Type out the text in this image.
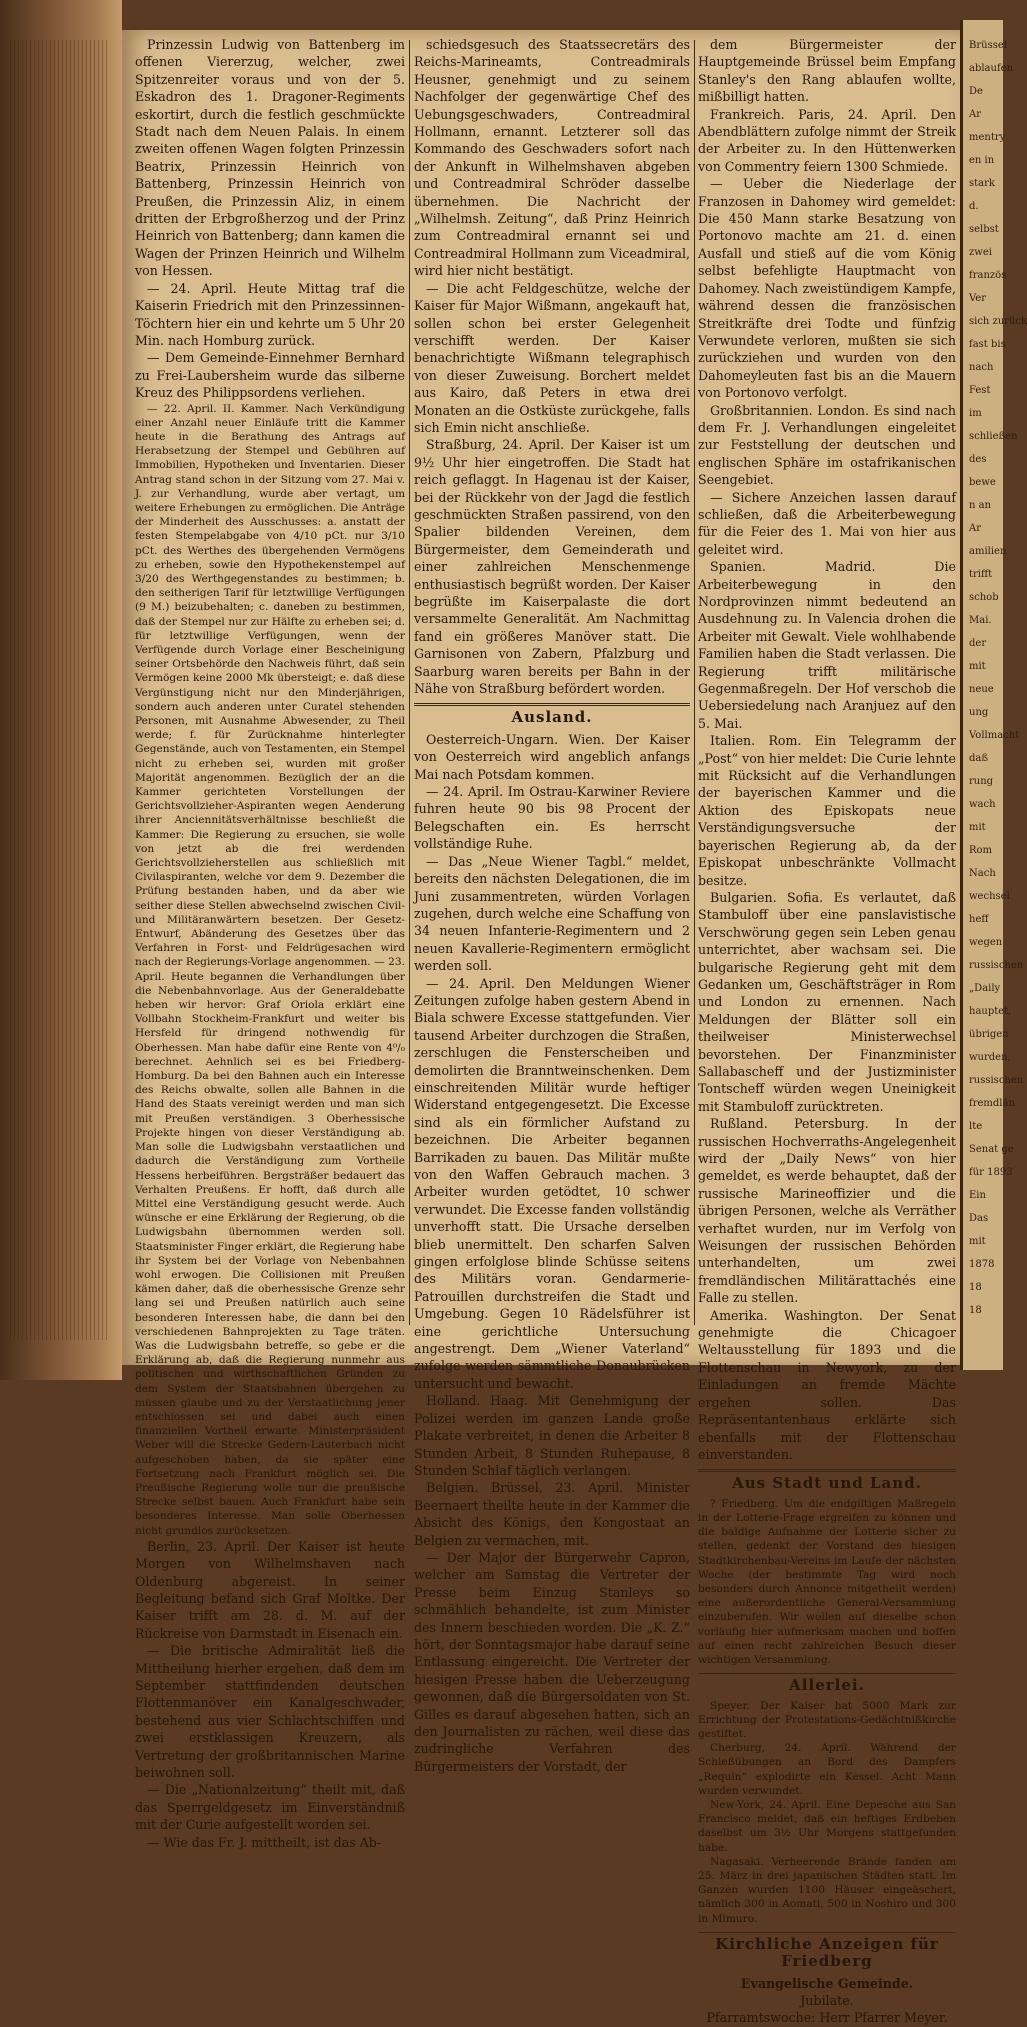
Brüssel
ablaufen
De
Ar
mentry
en in
stark
d.
selbst
zwei
französ
Ver
sich zurück
fast bis
nach
Fest
im
schließen
des
bewe
n an
Ar
amilien
trifft
schob
Mai.
der
mit
neue
ung
Vollmacht
daß
rung
wach
mit
Rom
Nach
wechsel
heff
wegen
russischen
„Daily
hauptet,
übrigen
wurden,
russischen
fremdlän
lte
Senat ge
für 1893
Ein
Das
mit
1878
18
18

Prinzessin Ludwig von Battenberg im offenen Viererzug, welcher, zwei Spitzenreiter voraus und von der 5. Eskadron des 1. Dragoner-Regiments eskortirt, durch die festlich geschmückte Stadt nach dem Neuen Palais. In einem zweiten offenen Wagen folgten Prinzessin Beatrix, Prinzessin Heinrich von Battenberg, Prinzessin Heinrich von Preußen, die Prinzessin Aliz, in einem dritten der Erbgroßherzog und der Prinz Heinrich von Battenberg; dann kamen die Wagen der Prinzen Heinrich und Wilhelm von Hessen.

— 24. April. Heute Mittag traf die Kaiserin Friedrich mit den Prinzessinnen-Töchtern hier ein und kehrte um 5 Uhr 20 Min. nach Homburg zurück.

— Dem Gemeinde-Einnehmer Bernhard zu Frei-Laubersheim wurde das silberne Kreuz des Philippsordens verliehen.

— 22. April. II. Kammer. Nach Verkündigung einer Anzahl neuer Einläufe tritt die Kammer heute in die Berathung des Antrags auf Herabsetzung der Stempel und Gebühren auf Immobilien, Hypotheken und Inventarien. Dieser Antrag stand schon in der Sitzung vom 27. Mai v. J. zur Verhandlung, wurde aber vertagt, um weitere Erhebungen zu ermöglichen. Die Anträge der Minderheit des Ausschusses: a. anstatt der festen Stempelabgabe von 4/10 pCt. nur 3/10 pCt. des Werthes des übergehenden Vermögens zu erheben, sowie den Hypothekenstempel auf 3/20 des Werthgegenstandes zu bestimmen; b. den seitherigen Tarif für letztwillige Verfügungen (9 M.) beizubehalten; c. daneben zu bestimmen, daß der Stempel nur zur Hälfte zu erheben sei; d. für letztwillige Verfügungen, wenn der Verfügende durch Vorlage einer Bescheinigung seiner Ortsbehörde den Nachweis führt, daß sein Vermögen keine 2000 Mk übersteigt; e. daß diese Vergünstigung nicht nur den Minderjährigen, sondern auch anderen unter Curatel stehenden Personen, mit Ausnahme Abwesender, zu Theil werde; f. für Zurücknahme hinterlegter Gegenstände, auch von Testamenten, ein Stempel nicht zu erheben sei, wurden mit großer Majorität angenommen. Bezüglich der an die Kammer gerichteten Vorstellungen der Gerichtsvollzieher-Aspiranten wegen Aenderung ihrer Anciennitätsverhältnisse beschließt die Kammer: Die Regierung zu ersuchen, sie wolle von jetzt ab die frei werdenden Gerichtsvollzieherstellen aus schließlich mit Civilaspiranten, welche vor dem 9. Dezember die Prüfung bestanden haben, und da aber wie seither diese Stellen abwechselnd zwischen Civil- und Militäranwärtern besetzen. Der Gesetz-Entwurf, Abänderung des Gesetzes über das Verfahren in Forst- und Feldrügesachen wird nach der Regierungs-Vorlage angenommen. — 23. April. Heute begannen die Verhandlungen über die Nebenbahnvorlage. Aus der Generaldebatte heben wir hervor: Graf Oriola erklärt eine Vollbahn Stockheim-Frankfurt und weiter bis Hersfeld für dringend nothwendig für Oberhessen. Man habe dafür eine Rente von 4⁰/₀ berechnet. Aehnlich sei es bei Friedberg-Homburg. Da bei den Bahnen auch ein Interesse des Reichs obwalte, sollen alle Bahnen in die Hand des Staats vereinigt werden und man sich mit Preußen verständigen. 3 Oberhessische Projekte hingen von dieser Verständigung ab. Man solle die Ludwigsbahn verstaatlichen und dadurch die Verständigung zum Vortheile Hessens herbeiführen. Bergsträßer bedauert das Verhalten Preußens. Er hofft, daß durch alle Mittel eine Verständigung gesucht werde. Auch wünsche er eine Erklärung der Regierung, ob die Ludwigsbahn übernommen werden soll. Staatsminister Finger erklärt, die Regierung habe ihr System bei der Vorlage von Nebenbahnen wohl erwogen. Die Collisionen mit Preußen kämen daher, daß die oberhessische Grenze sehr lang sei und Preußen natürlich auch seine besonderen Interessen habe, die dann bei den verschiedenen Bahnprojekten zu Tage träten. Was die Ludwigsbahn betreffe, so gebe er die Erklärung ab, daß die Regierung nunmehr aus politischen und wirthschaftlichen Gründen zu dem System der Staatsbahnen übergehen zu müssen glaube und zu der Verstaatlichung jener entschlossen sei und dabei auch einen finanziellen Vortheil erwarte. Ministerpräsident Weber will die Strecke Gedern-Lauterbach nicht aufgeschoben haben, da sie später eine Fortsetzung nach Frankfurt möglich sei. Die Preußische Regierung wolle nur die preußische Strecke selbst bauen. Auch Frankfurt habe sein besonderes Interesse. Man solle Oberhessen nicht grundlos zurücksetzen.

Berlin, 23. April. Der Kaiser ist heute Morgen von Wilhelmshaven nach Oldenburg abgereist. In seiner Begleitung befand sich Graf Moltke. Der Kaiser trifft am 28. d. M. auf der Rückreise von Darmstadt in Eisenach ein.

— Die britische Admiralität ließ die Mittheilung hierher ergehen, daß dem im September stattfindenden deutschen Flottenmanöver ein Kanalgeschwader, bestehend aus vier Schlachtschiffen und zwei erstklassigen Kreuzern, als Vertretung der großbritannischen Marine beiwohnen soll.

— Die „Nationalzeitung“ theilt mit, daß das Sperrgeldgesetz im Einverständniß mit der Curie aufgestellt worden sei.

— Wie das Fr. J. mittheilt, ist das Ab-

schiedsgesuch des Staatssecretärs des Reichs-Marineamts, Contreadmirals Heusner, genehmigt und zu seinem Nachfolger der gegenwärtige Chef des Uebungsgeschwaders, Contreadmiral Hollmann, ernannt. Letzterer soll das Kommando des Geschwaders sofort nach der Ankunft in Wilhelmshaven abgeben und Contreadmiral Schröder dasselbe übernehmen. Die Nachricht der „Wilhelmsh. Zeitung“, daß Prinz Heinrich zum Contreadmiral ernannt sei und Contreadmiral Hollmann zum Viceadmiral, wird hier nicht bestätigt.

— Die acht Feldgeschütze, welche der Kaiser für Major Wißmann, angekauft hat, sollen schon bei erster Gelegenheit verschifft werden. Der Kaiser benachrichtigte Wißmann telegraphisch von dieser Zuweisung. Borchert meldet aus Kairo, daß Peters in etwa drei Monaten an die Ostküste zurückgehe, falls sich Emin nicht anschließe.

Straßburg, 24. April. Der Kaiser ist um 9½ Uhr hier eingetroffen. Die Stadt hat reich geflaggt. In Hagenau ist der Kaiser, bei der Rückkehr von der Jagd die festlich geschmückten Straßen passirend, von den Spalier bildenden Vereinen, dem Bürgermeister, dem Gemeinderath und einer zahlreichen Menschenmenge enthusiastisch begrüßt worden. Der Kaiser begrüßte im Kaiserpalaste die dort versammelte Generalität. Am Nachmittag fand ein größeres Manöver statt. Die Garnisonen von Zabern, Pfalzburg und Saarburg waren bereits per Bahn in der Nähe von Straßburg befördert worden.

Ausland.

Oesterreich-Ungarn. Wien. Der Kaiser von Oesterreich wird angeblich anfangs Mai nach Potsdam kommen.

— 24. April. Im Ostrau-Karwiner Reviere fuhren heute 90 bis 98 Procent der Belegschaften ein. Es herrscht vollständige Ruhe.

— Das „Neue Wiener Tagbl.“ meldet, bereits den nächsten Delegationen, die im Juni zusammentreten, würden Vorlagen zugehen, durch welche eine Schaffung von 34 neuen Infanterie-Regimentern und 2 neuen Kavallerie-Regimentern ermöglicht werden soll.

— 24. April. Den Meldungen Wiener Zeitungen zufolge haben gestern Abend in Biala schwere Excesse stattgefunden. Vier tausend Arbeiter durchzogen die Straßen, zerschlugen die Fensterscheiben und demolirten die Branntweinschenken. Dem einschreitenden Militär wurde heftiger Widerstand entgegengesetzt. Die Excesse sind als ein förmlicher Aufstand zu bezeichnen. Die Arbeiter begannen Barrikaden zu bauen. Das Militär mußte von den Waffen Gebrauch machen. 3 Arbeiter wurden getödtet, 10 schwer verwundet. Die Excesse fanden vollständig unverhofft statt. Die Ursache derselben blieb unermittelt. Den scharfen Salven gingen erfolglose blinde Schüsse seitens des Militärs voran. Gendarmerie-Patrouillen durchstreifen die Stadt und Umgebung. Gegen 10 Rädelsführer ist eine gerichtliche Untersuchung angestrengt. Dem „Wiener Vaterland“ zufolge werden sämmtliche Donaubrücken untersucht und bewacht.

Holland. Haag. Mit Genehmigung der Polizei werden im ganzen Lande große Plakate verbreitet, in denen die Arbeiter 8 Stunden Arbeit, 8 Stunden Ruhepause, 8 Stunden Schlaf täglich verlangen.

Belgien. Brüssel, 23. April. Minister Beernaert theilte heute in der Kammer die Absicht des Königs, den Kongostaat an Belgien zu vermachen, mit.

— Der Major der Bürgerwehr Capron, welcher am Samstag die Vertreter der Presse beim Einzug Stanleys so schmählich behandelte, ist zum Minister des Innern beschieden worden. Die „K. Z.“ hört, der Sonntagsmajor habe darauf seine Entlassung eingereicht. Die Vertreter der hiesigen Presse haben die Ueberzeugung gewonnen, daß die Bürgersoldaten von St. Gilles es darauf abgesehen hatten, sich an den Journalisten zu rächen, weil diese das zudringliche Verfahren des Bürgermeisters der Vorstadt, der

dem Bürgermeister der Hauptgemeinde Brüssel beim Empfang Stanley's den Rang ablaufen wollte, mißbilligt hatten.

Frankreich. Paris, 24. April. Den Abendblättern zufolge nimmt der Streik der Arbeiter zu. In den Hüttenwerken von Commentry feiern 1300 Schmiede.

— Ueber die Niederlage der Franzosen in Dahomey wird gemeldet: Die 450 Mann starke Besatzung von Portonovo machte am 21. d. einen Ausfall und stieß auf die vom König selbst befehligte Hauptmacht von Dahomey. Nach zweistündigem Kampfe, während dessen die französischen Streitkräfte drei Todte und fünfzig Verwundete verloren, mußten sie sich zurückziehen und wurden von den Dahomeyleuten fast bis an die Mauern von Portonovo verfolgt.

Großbritannien. London. Es sind nach dem Fr. J. Verhandlungen eingeleitet zur Feststellung der deutschen und englischen Sphäre im ostafrikanischen Seengebiet.

— Sichere Anzeichen lassen darauf schließen, daß die Arbeiterbewegung für die Feier des 1. Mai von hier aus geleitet wird.

Spanien. Madrid. Die Arbeiterbewegung in den Nordprovinzen nimmt bedeutend an Ausdehnung zu. In Valencia drohen die Arbeiter mit Gewalt. Viele wohlhabende Familien haben die Stadt verlassen. Die Regierung trifft militärische Gegenmaßregeln. Der Hof verschob die Uebersiedelung nach Aranjuez auf den 5. Mai.

Italien. Rom. Ein Telegramm der „Post“ von hier meldet: Die Curie lehnte mit Rücksicht auf die Verhandlungen der bayerischen Kammer und die Aktion des Episkopats neue Verständigungsversuche der bayerischen Regierung ab, da der Episkopat unbeschränkte Vollmacht besitze.

Bulgarien. Sofia. Es verlautet, daß Stambuloff über eine panslavistische Verschwörung gegen sein Leben genau unterrichtet, aber wachsam sei. Die bulgarische Regierung geht mit dem Gedanken um, Geschäftsträger in Rom und London zu ernennen. Nach Meldungen der Blätter soll ein theilweiser Ministerwechsel bevorstehen. Der Finanzminister Sallabascheff und der Justizminister Tontscheff würden wegen Uneinigkeit mit Stambuloff zurücktreten.

Rußland. Petersburg. In der russischen Hochverraths-Angelegenheit wird der „Daily News“ von hier gemeldet, es werde behauptet, daß der russische Marineoffizier und die übrigen Personen, welche als Verräther verhaftet wurden, nur im Verfolg von Weisungen der russischen Behörden unterhandelten, um zwei fremdländischen Militärattachés eine Falle zu stellen.

Amerika. Washington. Der Senat genehmigte die Chicagoer Weltausstellung für 1893 und die Flottenschau in Newyork, zu der Einladungen an fremde Mächte ergehen sollen. Das Repräsentantenhaus erklärte sich ebenfalls mit der Flottenschau einverstanden.

Aus Stadt und Land.

? Friedberg. Um die endgiltigen Maßregeln in der Lotterie-Frage ergreifen zu können und die baldige Aufnahme der Lotterie sicher zu stellen, gedenkt der Vorstand des hiesigen Stadtkirchenbau-Vereins im Laufe der nächsten Woche (der bestimmte Tag wird noch besonders durch Annonce mitgetheilt werden) eine außerordentliche General-Versammlung einzuberufen. Wir wollen auf dieselbe schon vorläufig hier aufmerksam machen und hoffen auf einen recht zahlreichen Besuch dieser wichtigen Versammlung.

Allerlei.

Speyer. Der Kaiser hat 5000 Mark zur Errichtung der Protestations-Gedächtnißkirche gestiftet.

Cherburg, 24. April. Während der Schießübungen an Bord des Dampfers „Requin“ explodirte ein Kessel. Acht Mann wurden verwundet.

New-York, 24. April. Eine Depesche aus San Francisco meldet, daß ein heftiges Erdbeben daselbst um 3½ Uhr Morgens stattgefunden habe.

Nagasaki. Verheerende Brände fanden am 25. März in drei japanischen Städten statt. Im Ganzen wurden 1100 Häuser eingeäschert, nämlich 300 in Aomati, 500 in Noshiro und 300 in Mimuro.

Kirchliche Anzeigen für Friedberg

Evangelische Gemeinde.

Jubilate.

Pfarramtswoche: Herr Pfarrer Meyer.
